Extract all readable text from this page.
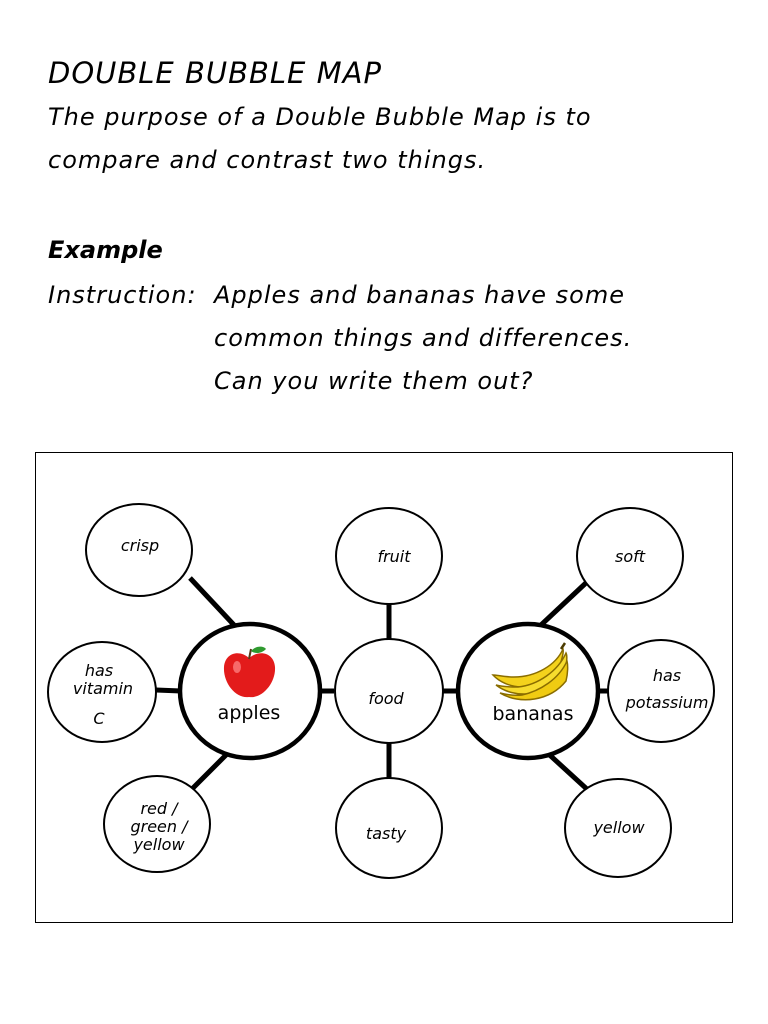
DOUBLE BUBBLE MAP

The purpose of a Double Bubble Map is to

compare and contrast two things.

Example

Instruction: Apples and bananas have some

common things and differences.

Can you write them out?

crisp
has
vitamin
C
red /
green /
yellow
fruit
food
tasty
soft
has
potassium
yellow
apples	bananas
